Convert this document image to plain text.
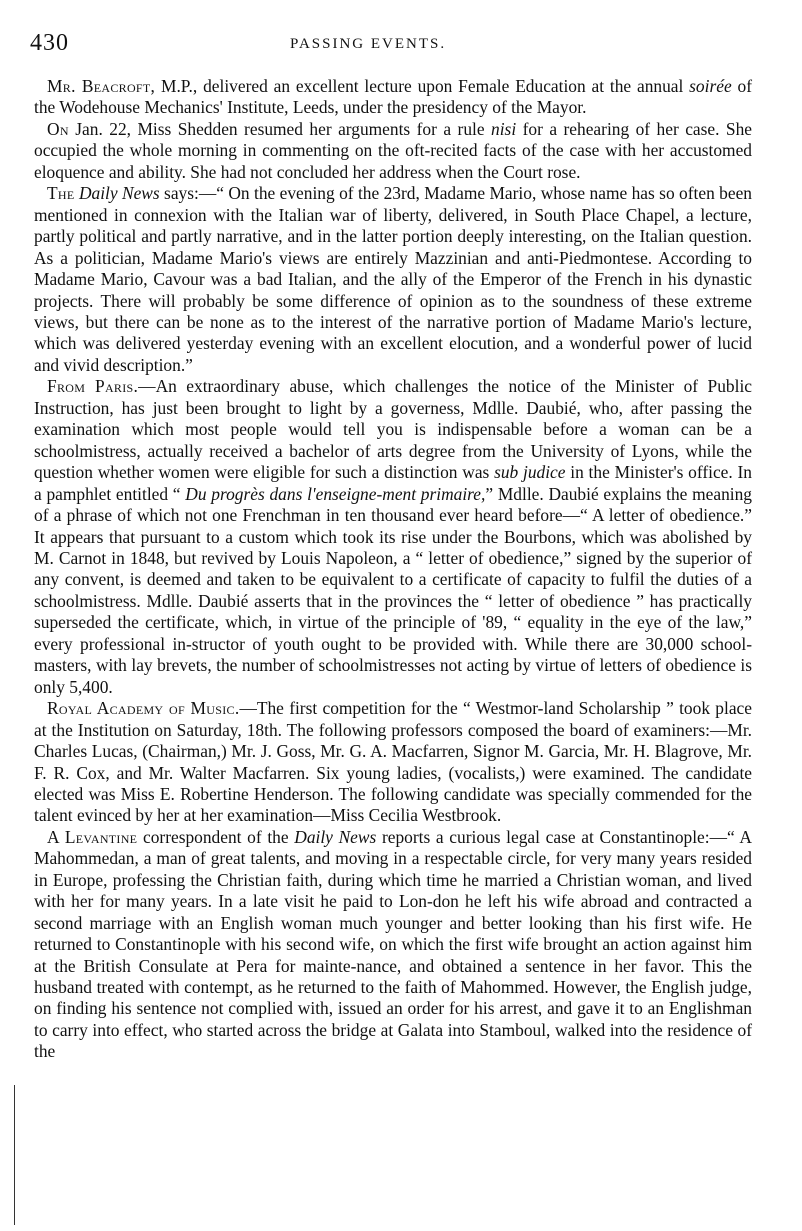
430	PASSING EVENTS.

Mr. Beacroft, M.P., delivered an excellent lecture upon Female Education at the annual soirée of the Wodehouse Mechanics' Institute, Leeds, under the presidency of the Mayor.

On Jan. 22, Miss Shedden resumed her arguments for a rule nisi for a rehearing of her case. She occupied the whole morning in commenting on the oft-recited facts of the case with her accustomed eloquence and ability. She had not concluded her address when the Court rose.

The Daily News says:—“ On the evening of the 23rd, Madame Mario, whose name has so often been mentioned in connexion with the Italian war of liberty, delivered, in South Place Chapel, a lecture, partly political and partly narrative, and in the latter portion deeply interesting, on the Italian question. As a politician, Madame Mario's views are entirely Mazzinian and anti-Piedmontese. According to Madame Mario, Cavour was a bad Italian, and the ally of the Emperor of the French in his dynastic projects. There will probably be some difference of opinion as to the soundness of these extreme views, but there can be none as to the interest of the narrative portion of Madame Mario's lecture, which was delivered yesterday evening with an excellent elocution, and a wonderful power of lucid and vivid description.”

From Paris.—An extraordinary abuse, which challenges the notice of the Minister of Public Instruction, has just been brought to light by a governess, Mdlle. Daubié, who, after passing the examination which most people would tell you is indispensable before a woman can be a schoolmistress, actually received a bachelor of arts degree from the University of Lyons, while the question whether women were eligible for such a distinction was sub judice in the Minister's office. In a pamphlet entitled “ Du progrès dans l'enseigne-ment primaire,” Mdlle. Daubié explains the meaning of a phrase of which not one Frenchman in ten thousand ever heard before—“ A letter of obedience.” It appears that pursuant to a custom which took its rise under the Bourbons, which was abolished by M. Carnot in 1848, but revived by Louis Napoleon, a “ letter of obedience,” signed by the superior of any convent, is deemed and taken to be equivalent to a certificate of capacity to fulfil the duties of a schoolmistress. Mdlle. Daubié asserts that in the provinces the “ letter of obedience ” has practically superseded the certificate, which, in virtue of the principle of '89, “ equality in the eye of the law,” every professional in-structor of youth ought to be provided with. While there are 30,000 school-masters, with lay brevets, the number of schoolmistresses not acting by virtue of letters of obedience is only 5,400.

Royal Academy of Music.—The first competition for the “ Westmor-land Scholarship ” took place at the Institution on Saturday, 18th. The following professors composed the board of examiners:—Mr. Charles Lucas, (Chairman,) Mr. J. Goss, Mr. G. A. Macfarren, Signor M. Garcia, Mr. H. Blagrove, Mr. F. R. Cox, and Mr. Walter Macfarren. Six young ladies, (vocalists,) were examined. The candidate elected was Miss E. Robertine Henderson. The following candidate was specially commended for the talent evinced by her at her examination—Miss Cecilia Westbrook.

A Levantine correspondent of the Daily News reports a curious legal case at Constantinople:—“ A Mahommedan, a man of great talents, and moving in a respectable circle, for very many years resided in Europe, professing the Christian faith, during which time he married a Christian woman, and lived with her for many years. In a late visit he paid to Lon-don he left his wife abroad and contracted a second marriage with an English woman much younger and better looking than his first wife. He returned to Constantinople with his second wife, on which the first wife brought an action against him at the British Consulate at Pera for mainte-nance, and obtained a sentence in her favor. This the husband treated with contempt, as he returned to the faith of Mahommed. However, the English judge, on finding his sentence not complied with, issued an order for his arrest, and gave it to an Englishman to carry into effect, who started across the bridge at Galata into Stamboul, walked into the residence of the
